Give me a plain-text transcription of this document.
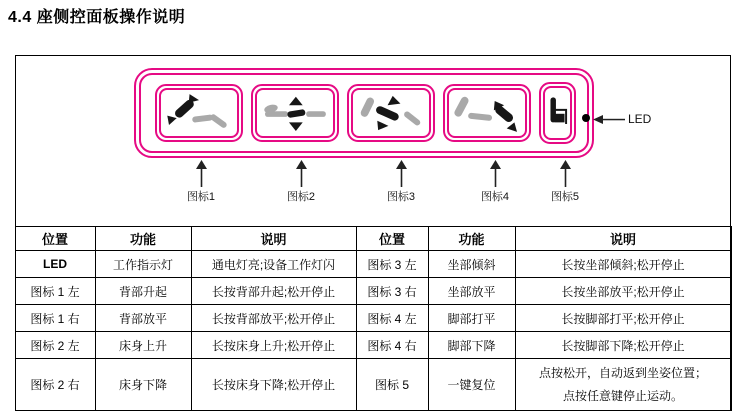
4.4 座侧控面板操作说明
LED
图标1	图标2	图标3	图标4	图标5
位置	功能	说明	位置	功能	说明
LED	工作指示灯	通电灯亮;设备工作灯闪	图标 3 左	坐部倾斜	长按坐部倾斜;松开停止
图标 1 左	背部升起	长按背部升起;松开停止	图标 3 右	坐部放平	长按坐部放平;松开停止
图标 1 右	背部放平	长按背部放平;松开停止	图标 4 左	脚部打平	长按脚部打平;松开停止
图标 2 左	床身上升	长按床身上升;松开停止	图标 4 右	脚部下降	长按脚部下降;松开停止
图标 2 右	床身下降	长按床身下降;松开停止	图标 5	一键复位	点按松开，自动返到坐姿位置；
点按任意键停止运动。
